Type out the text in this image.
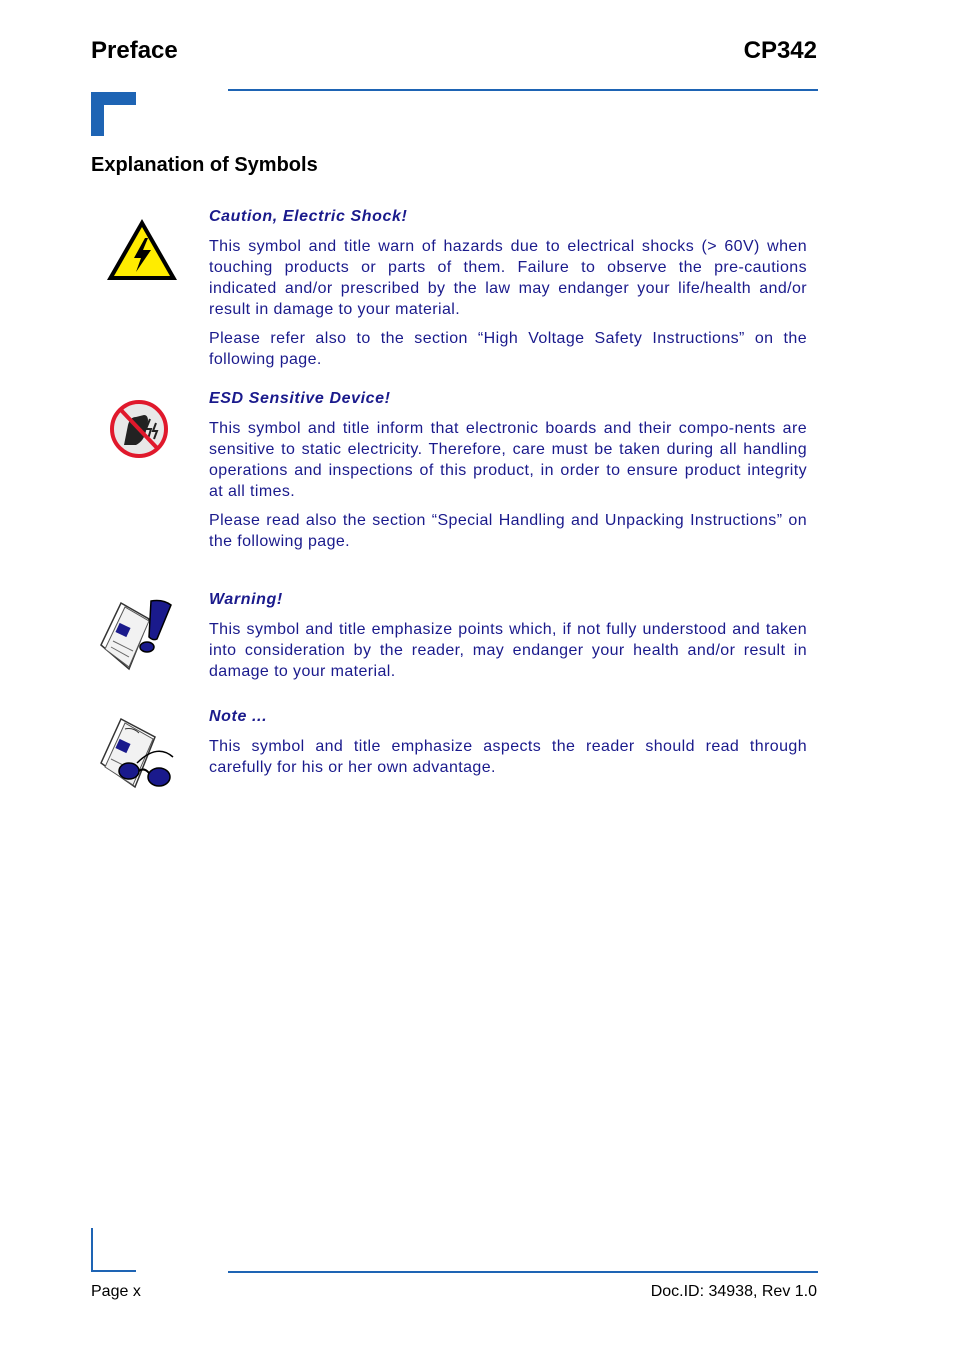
Preface	CP342
Explanation of Symbols
Caution, Electric Shock!

This symbol and title warn of hazards due to electrical shocks (> 60V) when touching products or parts of them. Failure to observe the pre-cautions indicated and/or prescribed by the law may endanger your life/health and/or result in damage to your material.

Please refer also to the section “High Voltage Safety Instructions” on the following page.

ESD Sensitive Device!

This symbol and title inform that electronic boards and their compo-nents are sensitive to static electricity. Therefore, care must be taken during all handling operations and inspections of this product, in order to ensure product integrity at all times.

Please read also the section “Special Handling and Unpacking Instructions” on the following page.

Warning!

This symbol and title emphasize points which, if not fully understood and taken into consideration by the reader, may endanger your health and/or result in damage to your material.

Note ...

This symbol and title emphasize aspects the reader should read through carefully for his or her own advantage.

Page x	Doc.ID: 34938, Rev 1.0
